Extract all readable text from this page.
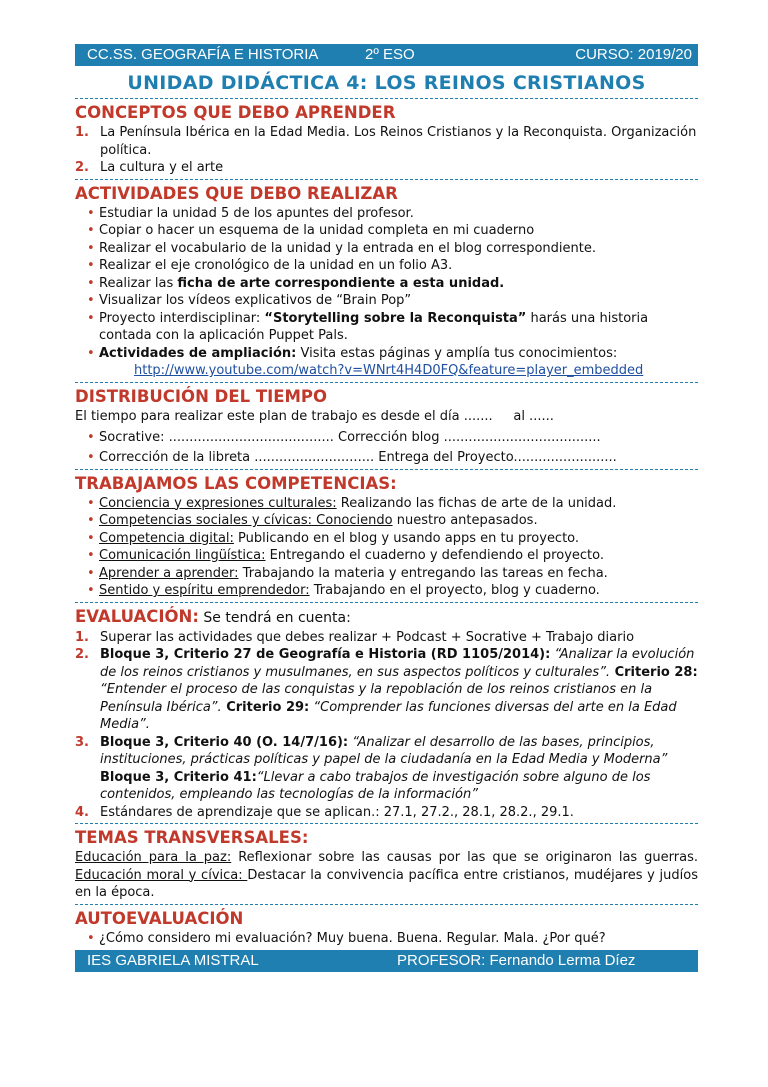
CC.SS. GEOGRAFÍA E HISTORIA	2º ESO	CURSO: 2019/20
UNIDAD DIDÁCTICA 4: LOS REINOS CRISTIANOS
CONCEPTOS QUE DEBO APRENDER
1. La Península Ibérica en la Edad Media. Los Reinos Cristianos y la Reconquista. Organización política.
2. La cultura y el arte
ACTIVIDADES QUE DEBO REALIZAR
• Estudiar la unidad 5 de los apuntes del profesor.
• Copiar o hacer un esquema de la unidad completa en mi cuaderno
• Realizar el vocabulario de la unidad y la entrada en el blog correspondiente.
• Realizar el eje cronológico de la unidad en un folio A3.
• Realizar las ficha de arte correspondiente a esta unidad.
• Visualizar los vídeos explicativos de “Brain Pop”
• Proyecto interdisciplinar: “Storytelling sobre la Reconquista” harás una historia contada con la aplicación Puppet Pals.
• Actividades de ampliación: Visita estas páginas y amplía tus conocimientos:
http://www.youtube.com/watch?v=WNrt4H4D0FQ&feature=player_embedded
DISTRIBUCIÓN DEL TIEMPO
El tiempo para realizar este plan de trabajo es desde el día .......     al ......
• Socrative: ........................................ Corrección blog ......................................
• Corrección de la libreta ............................. Entrega del Proyecto.........................
TRABAJAMOS LAS COMPETENCIAS:
• Conciencia y expresiones culturales: Realizando las fichas de arte de la unidad.
• Competencias sociales y cívicas: Conociendo nuestro antepasados.
• Competencia digital: Publicando en el blog y usando apps en tu proyecto.
• Comunicación lingüística: Entregando el cuaderno y defendiendo el proyecto.
• Aprender a aprender: Trabajando la materia y entregando las tareas en fecha.
• Sentido y espíritu emprendedor: Trabajando en el proyecto, blog y cuaderno.
EVALUACIÓN: Se tendrá en cuenta:
1. Superar las actividades que debes realizar + Podcast + Socrative + Trabajo diario
2. Bloque 3, Criterio 27 de Geografía e Historia (RD 1105/2014): “Analizar la evolución de los reinos cristianos y musulmanes, en sus aspectos políticos y culturales”. Criterio 28: “Entender el proceso de las conquistas y la repoblación de los reinos cristianos en la Península Ibérica”. Criterio 29: “Comprender las funciones diversas del arte en la Edad Media”.
3. Bloque 3, Criterio 40 (O. 14/7/16): “Analizar el desarrollo de las bases, principios, instituciones, prácticas políticas y papel de la ciudadanía en la Edad Media y Moderna” Bloque 3, Criterio 41:“Llevar a cabo trabajos de investigación sobre alguno de los contenidos, empleando las tecnologías de la información”
4. Estándares de aprendizaje que se aplican.: 27.1, 27.2., 28.1, 28.2., 29.1.
TEMAS TRANSVERSALES:
Educación para la paz: Reflexionar sobre las causas por las que se originaron las guerras. Educación moral y cívica: Destacar la convivencia pacífica entre cristianos, mudéjares y judíos en la época.
AUTOEVALUACIÓN
• ¿Cómo considero mi evaluación? Muy buena. Buena. Regular. Mala. ¿Por qué?
IES GABRIELA MISTRAL	PROFESOR: Fernando Lerma Díez
